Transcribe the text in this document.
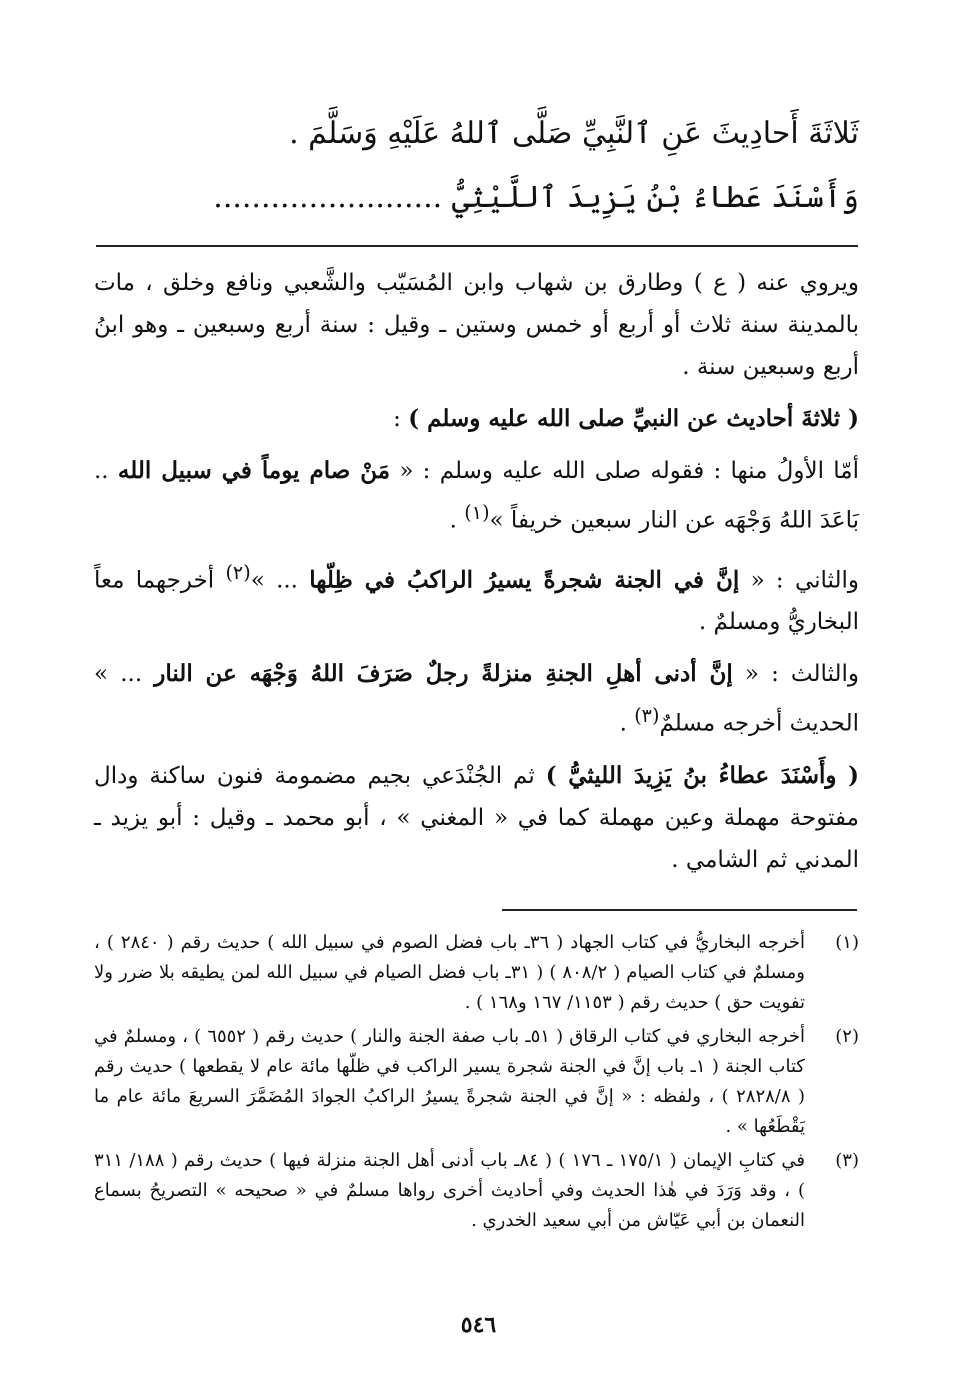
ثَلاثَةَ أَحادِيثَ عَنِ ٱلنَّبِيِّ صَلَّى ٱللهُ عَلَيْهِ وَسَلَّمَ .
وَأَسْنَدَ عَطاءُ بْنُ يَزِيدَ ٱللَّيْثِيُّ ........................

ويروي عنه ( ع ) وطارق بن شهاب وابن المُسَيّب والشَّعبي ونافع وخلق ، مات بالمدينة سنة ثلاث أو أربع أو خمس وستين ـ وقيل : سنة أربع وسبعين ـ وهو ابنُ أربع وسبعين سنة .

( ثلاثةَ أحاديث عن النبيِّ صلى الله عليه وسلم ) :

أمّا الأولُ منها : فقوله صلى الله عليه وسلم : « مَنْ صام يوماً في سبيل الله .. بَاعَدَ اللهُ وَجْهَه عن النار سبعين خريفاً »$^{(١)}$ .

والثاني : « إنَّ في الجنة شجرةً يسيرُ الراكبُ في ظِلّها ... »$^{(٢)}$ أخرجهما معاً البخاريُّ ومسلمٌ .

والثالث : « إنَّ أدنى أهلِ الجنةِ منزلةً رجلٌ صَرَفَ اللهُ وَجْهَه عن النار ... » الحديث أخرجه مسلمٌ$^{(٣)}$ .

( وأَسْنَدَ عطاءُ بنُ يَزِيدَ الليثيُّ ) ثم الجُنْدَعي بجيم مضمومة فنون ساكنة ودال مفتوحة مهملة وعين مهملة كما في « المغني » ، أبو محمد ـ وقيل : أبو يزيد ـ المدني ثم الشامي .

(١)
أخرجه البخاريُّ في كتاب الجهاد ( ٣٦ـ باب فضل الصوم في سبيل الله ) حديث رقم ( ٢٨٤٠ ) ، ومسلمٌ في كتاب الصيام ( ٨٠٨/٢ ) ( ٣١ـ باب فضل الصيام في سبيل الله لمن يطيقه بلا ضرر ولا تفويت حق ) حديث رقم ( ١١٥٣/ ١٦٧ و١٦٨ ) .
(٢)
أخرجه البخاري في كتاب الرقاق ( ٥١ـ باب صفة الجنة والنار ) حديث رقم ( ٦٥٥٢ ) ، ومسلمٌ في كتاب الجنة ( ١ـ باب إنَّ في الجنة شجرة يسير الراكب في ظلّها مائة عام لا يقطعها ) حديث رقم ( ٢٨٢٨/٨ ) ، ولفظه : « إنَّ في الجنة شجرةً يسيرُ الراكبُ الجوادَ المُضَمَّرَ السريعَ مائة عام ما يَقْطَعُها » .
(٣)
في كتابِ الإيمان ( ١٧٥/١ ـ ١٧٦ ) ( ٨٤ـ باب أدنى أهل الجنة منزلة فيها ) حديث رقم ( ١٨٨/ ٣١١ ) ، وقد وَرَدَ في هٰذا الحديث وفي أحاديث أخرى رواها مسلمٌ في « صحيحه » التصريحُ بسماع النعمان بن أبي عَيّاش من أبي سعيد الخدري .
٥٤٦
